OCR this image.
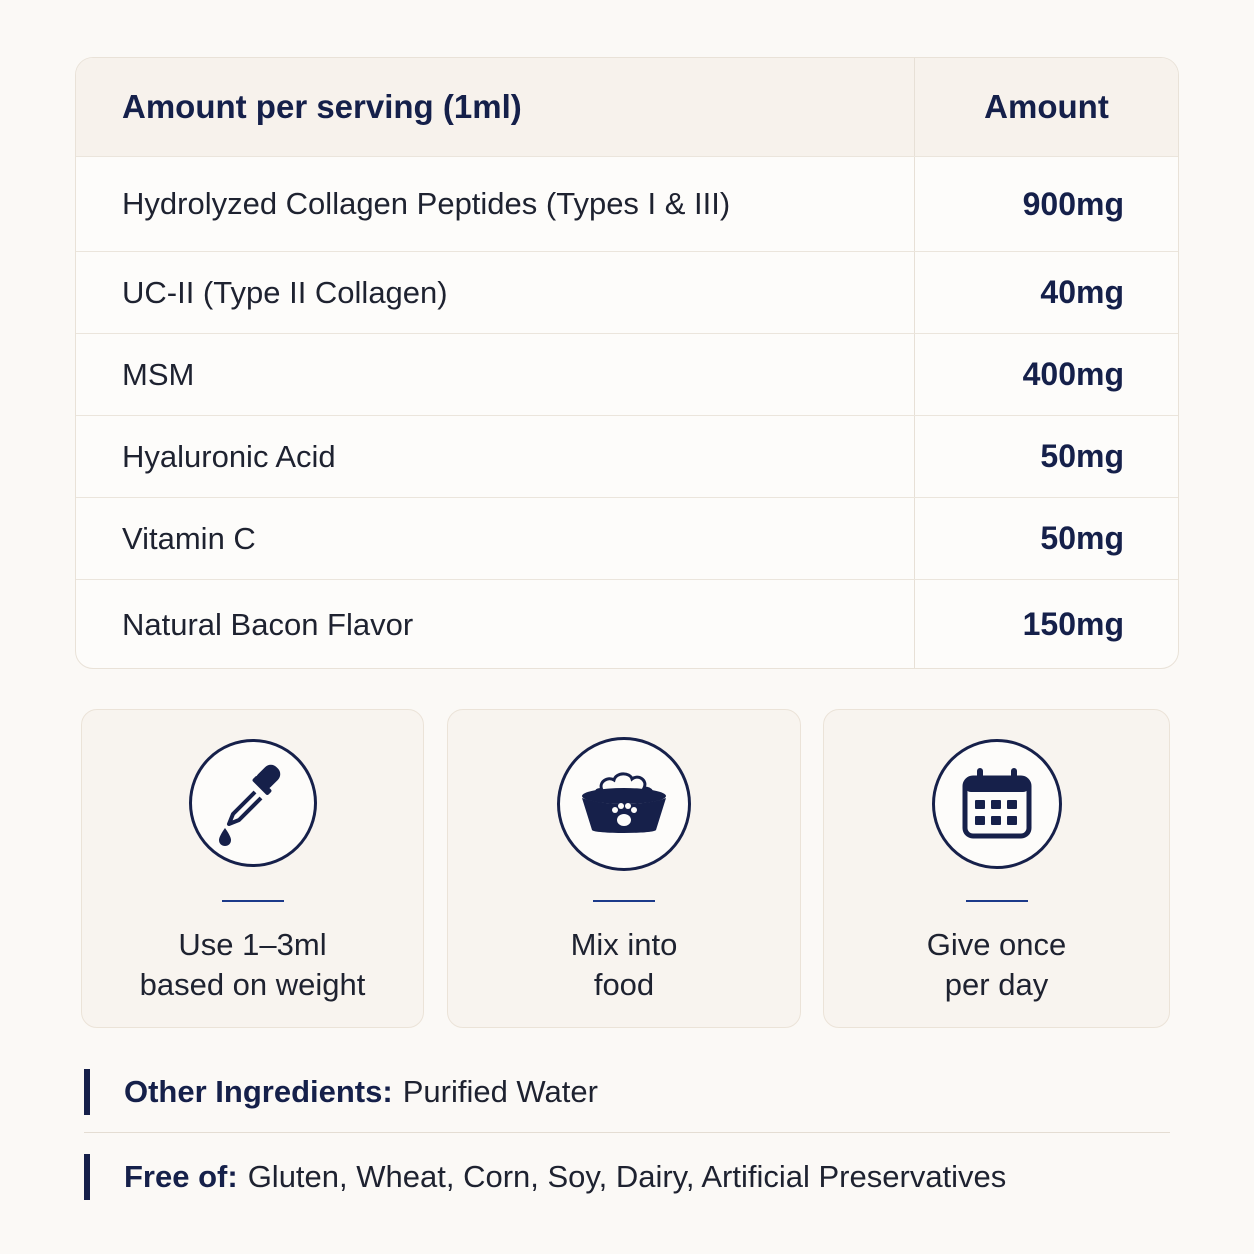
Amount per serving (1ml)	Amount
Hydrolyzed Collagen Peptides (Types I & III)	900mg
UC-II (Type II Collagen)	40mg
MSM	400mg
Hyaluronic Acid	50mg
Vitamin C	50mg
Natural Bacon Flavor	150mg
Use 1–3ml
based on weight
Mix into
food
Give once
per day
Other Ingredients: Purified Water
Free of: Gluten, Wheat, Corn, Soy, Dairy, Artificial Preservatives
